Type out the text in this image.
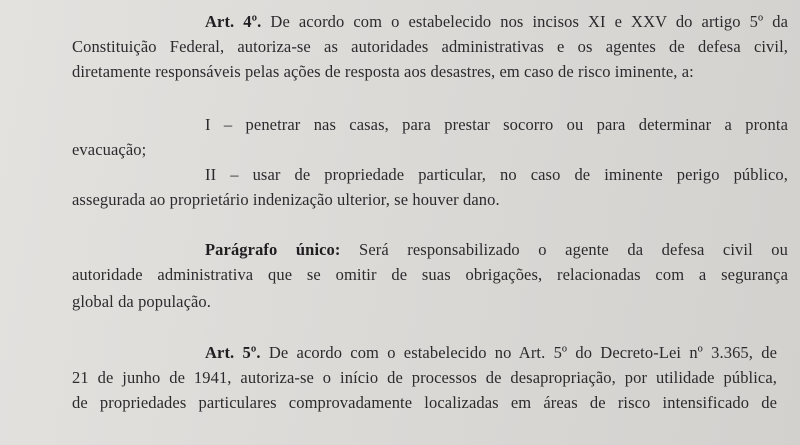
Art. 4º. De acordo com o estabelecido nos incisos XI e XXV do artigo 5º da
Constituição Federal, autoriza-se as autoridades administrativas e os agentes de defesa civil,
diretamente responsáveis pelas ações de resposta aos desastres, em caso de risco iminente, a:
I – penetrar nas casas, para prestar socorro ou para determinar a pronta
evacuação;
II – usar de propriedade particular, no caso de iminente perigo público,
assegurada ao proprietário indenização ulterior, se houver dano.
Parágrafo único: Será responsabilizado o agente da defesa civil ou
autoridade administrativa que se omitir de suas obrigações, relacionadas com a segurança
global da população.
Art. 5º. De acordo com o estabelecido no Art. 5º do Decreto-Lei nº 3.365, de
21 de junho de 1941, autoriza-se o início de processos de desapropriação, por utilidade pública,
de propriedades particulares comprovadamente localizadas em áreas de risco intensificado de
